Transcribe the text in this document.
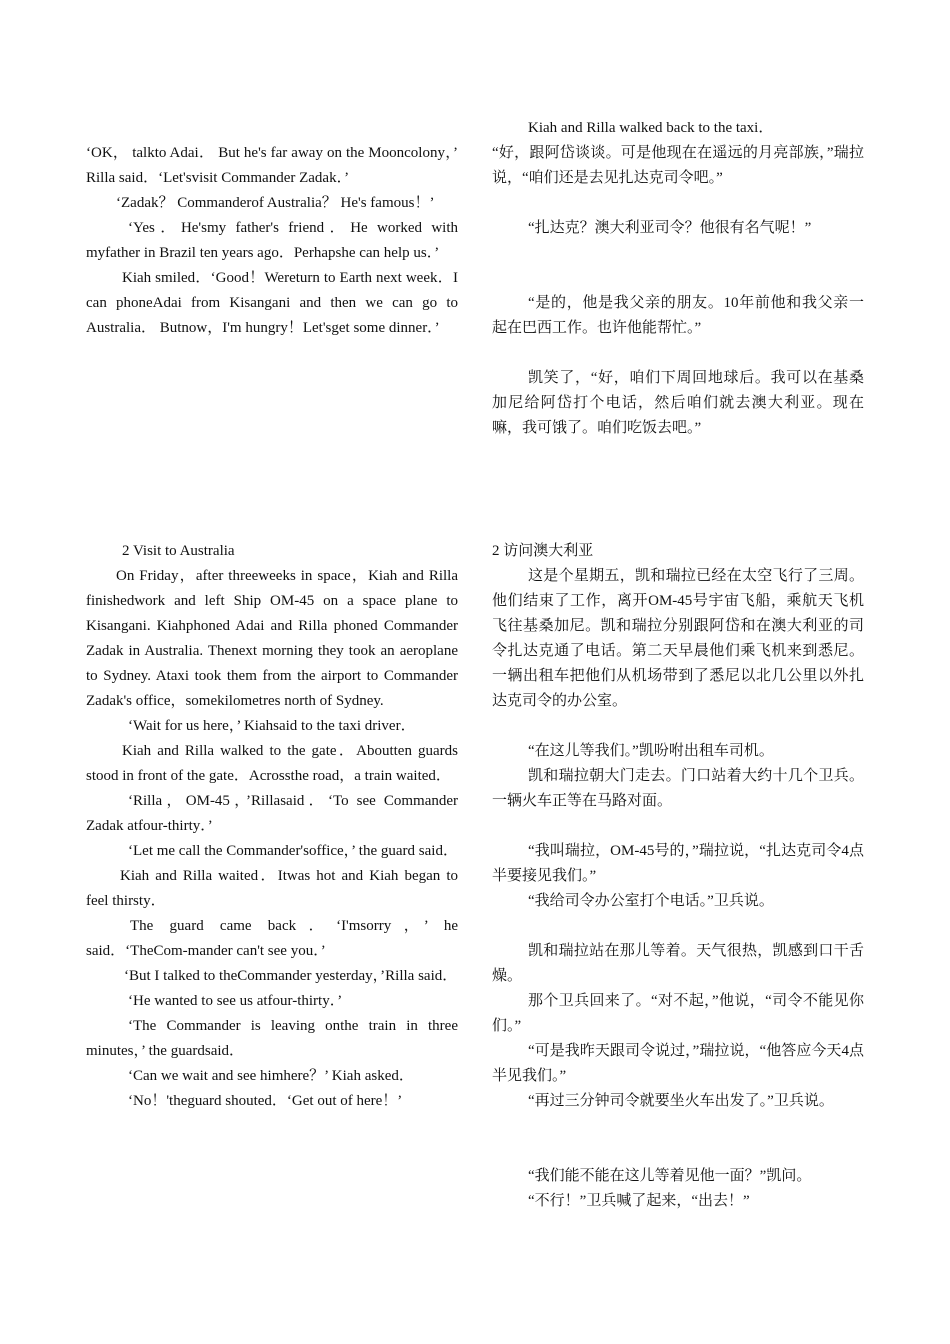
‘OK， talkto Adai． But he's far away on the Mooncolony，’ Rilla said．‘Let'svisit Commander Zadak．’

‘Zadak？ Commanderof Australia？ He's famous！’

‘Yes．He'smy father's friend．He worked with myfather in Brazil ten years ago．Perhapshe can help us．’

Kiah smiled．‘Good！Wereturn to Earth next week．I can phoneAdai from Kisangani and then we can go to Australia． Butnow，I'm hungry！Let'sget some dinner．’

Kiah and Rilla walked back to the taxi．

“好，跟阿岱谈谈。可是他现在在遥远的月亮部族，”瑞拉说，“咱们还是去见扎达克司令吧。”

“扎达克？澳大利亚司令？他很有名气呢！”

“是的，他是我父亲的朋友。10年前他和我父亲一起在巴西工作。也许他能帮忙。”

凯笑了，“好，咱们下周回地球后。我可以在基桑加尼给阿岱打个电话，然后咱们就去澳大利亚。现在嘛，我可饿了。咱们吃饭去吧。”

2 Visit to Australia

On Friday，after threeweeks in space，Kiah and Rilla finishedwork and left Ship OM-45 on a space plane to Kisangani. Kiahphoned Adai and Rilla phoned Commander Zadak in Australia. Thenext morning they took an aeroplane to Sydney. Ataxi took them from the airport to Commander Zadak's office，somekilometres north of Sydney.

‘Wait for us here，’ Kiahsaid to the taxi driver．

Kiah and Rilla walked to the gate．Aboutten guards stood in front of the gate．Acrossthe road，a train waited．

‘Rilla，OM-45，’Rillasaid．‘To see Commander Zadak atfour-thirty．’

‘Let me call the Commander'soffice，’ the guard said．

Kiah and Rilla waited．Itwas hot and Kiah began to feel thirsty．

The guard came back．‘I'msorry，’ he said．‘TheCom-mander can't see you．’

‘But I talked to theCommander yesterday，’Rilla said．

‘He wanted to see us atfour-thirty．’

‘The Commander is leaving onthe train in three minutes，’ the guardsaid．

‘Can we wait and see himhere？’ Kiah asked．

‘No！'theguard shouted．‘Get out of here！’

2 访问澳大利亚

这是个星期五，凯和瑞拉已经在太空飞行了三周。他们结束了工作，离开OM-45号宇宙飞船，乘航天飞机飞往基桑加尼。凯和瑞拉分别跟阿岱和在澳大利亚的司令扎达克通了电话。第二天早晨他们乘飞机来到悉尼。一辆出租车把他们从机场带到了悉尼以北几公里以外扎达克司令的办公室。

“在这儿等我们。”凯吩咐出租车司机。

凯和瑞拉朝大门走去。门口站着大约十几个卫兵。一辆火车正等在马路对面。

“我叫瑞拉，OM-45号的，”瑞拉说，“扎达克司令4点半要接见我们。”

“我给司令办公室打个电话。”卫兵说。

凯和瑞拉站在那儿等着。天气很热，凯感到口干舌燥。

那个卫兵回来了。“对不起，”他说，“司令不能见你们。”

“可是我昨天跟司令说过，”瑞拉说，“他答应今天4点半见我们。”

“再过三分钟司令就要坐火车出发了。”卫兵说。

“我们能不能在这儿等着见他一面？”凯问。

“不行！”卫兵喊了起来，“出去！”
